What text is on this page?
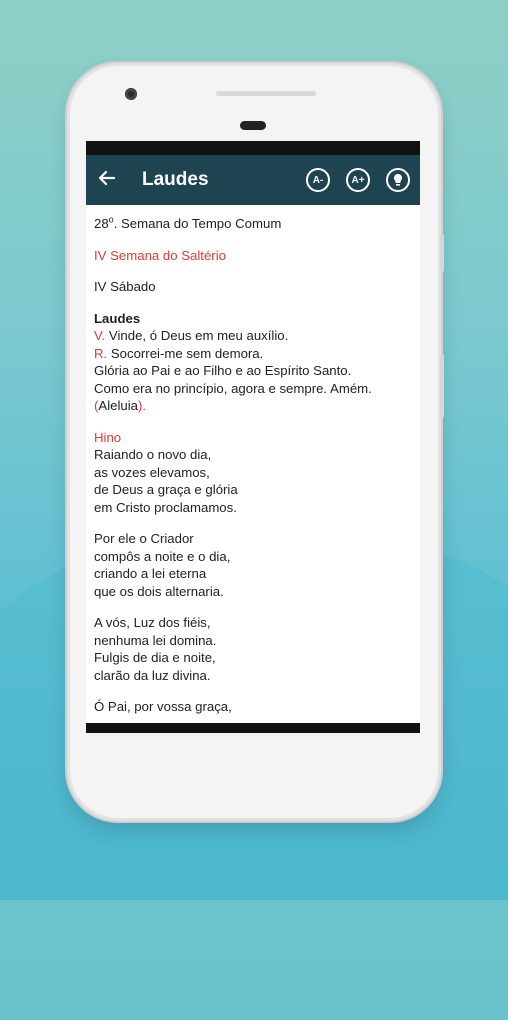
Laudes	A-	A+

28$^o$. Semana do Tempo Comum

IV Semana do Saltério

IV Sábado

Laudes
V. Vinde, ó Deus em meu auxílio.
R. Socorrei-me sem demora.
Glória ao Pai e ao Filho e ao Espírito Santo.
Como era no princípio, agora e sempre. Amém.
(Aleluia).

Hino
Raiando o novo dia,
as vozes elevamos,
de Deus a graça e glória
em Cristo proclamamos.

Por ele o Criador
compôs a noite e o dia,
criando a lei eterna
que os dois alternaria.

A vós, Luz dos fiéis,
nenhuma lei domina.
Fulgis de dia e noite,
clarão da luz divina.

Ó Pai, por vossa graça,
